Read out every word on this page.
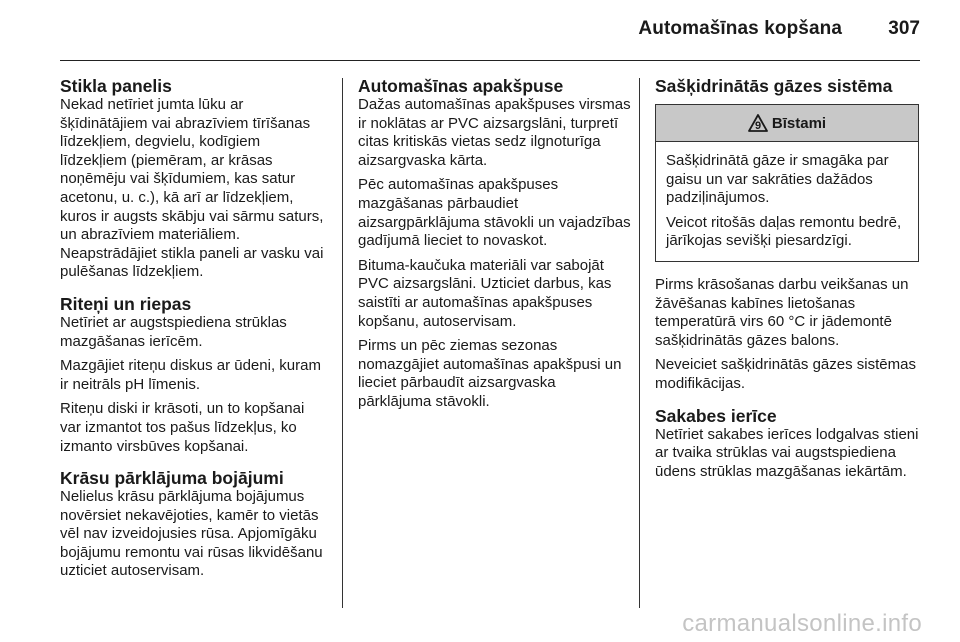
Automašīnas kopšana 307
Stikla panelis

Nekad netīriet jumta lūku ar šķīdinātājiem vai abrazīviem tīrīšanas līdzekļiem, degvielu, kodīgiem līdzekļiem (piemēram, ar krāsas noņēmēju vai šķīdumiem, kas satur acetonu, u. c.), kā arī ar līdzekļiem, kuros ir augsts skābju vai sārmu saturs, un abrazīviem materiāliem. Neapstrādājiet stikla paneli ar vasku vai pulēšanas līdzekļiem.

Riteņi un riepas

Netīriet ar augstspiediena strūklas mazgāšanas ierīcēm.

Mazgājiet riteņu diskus ar ūdeni, kuram ir neitrāls pH līmenis.

Riteņu diski ir krāsoti, un to kopšanai var izmantot tos pašus līdzekļus, ko izmanto virsbūves kopšanai.

Krāsu pārklājuma bojājumi

Nelielus krāsu pārklājuma bojājumus novērsiet nekavējoties, kamēr to vietās vēl nav izveidojusies rūsa. Apjomīgāku bojājumu remontu vai rūsas likvidēšanu uzticiet autoservisam.

Automašīnas apakšpuse

Dažas automašīnas apakšpuses virsmas ir noklātas ar PVC aizsargslāni, turpretī citas kritiskās vietas sedz ilgnoturīga aizsargvaska kārta.

Pēc automašīnas apakšpuses mazgāšanas pārbaudiet aizsargpārklājuma stāvokli un vajadzības gadījumā lieciet to novaskot.

Bituma-kaučuka materiāli var sabojāt PVC aizsargslāni. Uzticiet darbus, kas saistīti ar automašīnas apakšpuses kopšanu, autoservisam.

Pirms un pēc ziemas sezonas nomazgājiet automašīnas apakšpusi un lieciet pārbaudīt aizsargvaska pārklājuma stāvokli.

Sašķidrinātās gāzes sistēma
9 Bīstami

Sašķidrinātā gāze ir smagāka par gaisu un var sakrāties dažādos padziļinājumos.

Veicot ritošās daļas remontu bedrē, jārīkojas sevišķi piesardzīgi.

Pirms krāsošanas darbu veikšanas un žāvēšanas kabīnes lietošanas temperatūrā virs 60 °C ir jādemontē sašķidrinātās gāzes balons.

Neveiciet sašķidrinātās gāzes sistēmas modifikācijas.

Sakabes ierīce

Netīriet sakabes ierīces lodgalvas stieni ar tvaika strūklas vai augstspiediena ūdens strūklas mazgāšanas iekārtām.

carmanualsonline.info
